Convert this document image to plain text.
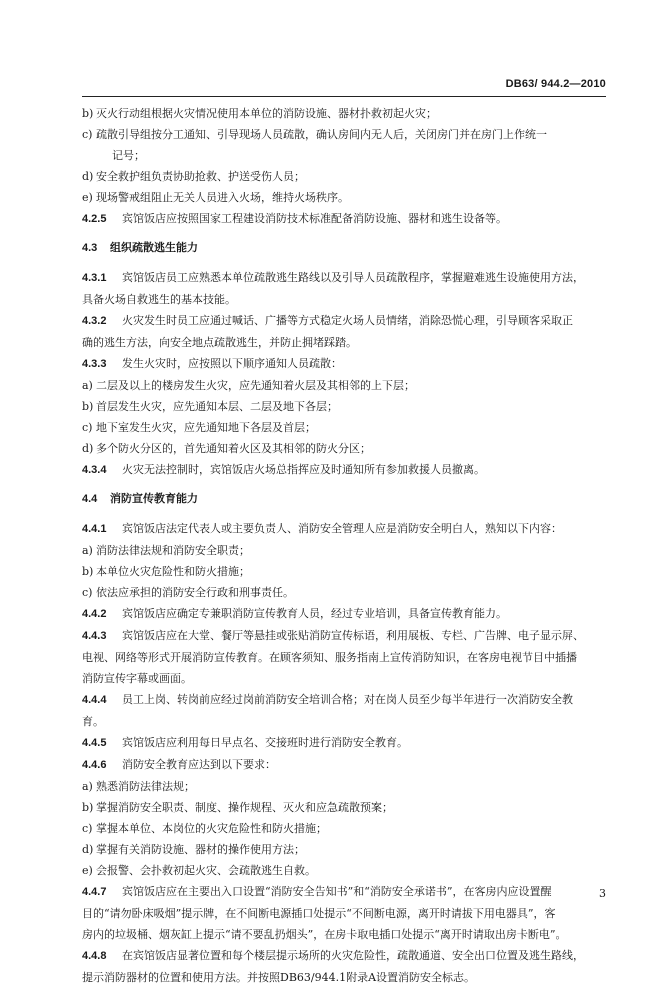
DB63/ 944.2—2010
b) 灭火行动组根据火灾情况使用本单位的消防设施、器材扑救初起火灾；
c) 疏散引导组按分工通知、引导现场人员疏散，确认房间内无人后，关闭房门并在房门上作统一
记号；
d) 安全救护组负责协助抢救、护送受伤人员；
e) 现场警戒组阻止无关人员进入火场，维持火场秩序。
4.2.5 宾馆饭店应按照国家工程建设消防技术标准配备消防设施、器材和逃生设备等。
4.3 组织疏散逃生能力
4.3.1 宾馆饭店员工应熟悉本单位疏散逃生路线以及引导人员疏散程序，掌握避难逃生设施使用方法，
具备火场自救逃生的基本技能。
4.3.2 火灾发生时员工应通过喊话、广播等方式稳定火场人员情绪，消除恐慌心理，引导顾客采取正
确的逃生方法，向安全地点疏散逃生，并防止拥堵踩踏。
4.3.3 发生火灾时，应按照以下顺序通知人员疏散：
a) 二层及以上的楼房发生火灾，应先通知着火层及其相邻的上下层；
b) 首层发生火灾，应先通知本层、二层及地下各层；
c) 地下室发生火灾，应先通知地下各层及首层；
d) 多个防火分区的，首先通知着火区及其相邻的防火分区；
4.3.4 火灾无法控制时，宾馆饭店火场总指挥应及时通知所有参加救援人员撤离。
4.4 消防宣传教育能力
4.4.1 宾馆饭店法定代表人或主要负责人、消防安全管理人应是消防安全明白人，熟知以下内容：
a) 消防法律法规和消防安全职责；
b) 本单位火灾危险性和防火措施；
c) 依法应承担的消防安全行政和刑事责任。
4.4.2 宾馆饭店应确定专兼职消防宣传教育人员，经过专业培训，具备宣传教育能力。
4.4.3 宾馆饭店应在大堂、餐厅等悬挂或张贴消防宣传标语，利用展板、专栏、广告牌、电子显示屏、
电视、网络等形式开展消防宣传教育。在顾客须知、服务指南上宣传消防知识，在客房电视节目中插播
消防宣传字幕或画面。
4.4.4 员工上岗、转岗前应经过岗前消防安全培训合格；对在岗人员至少每半年进行一次消防安全教
育。
4.4.5 宾馆饭店应利用每日早点名、交接班时进行消防安全教育。
4.4.6 消防安全教育应达到以下要求：
a) 熟悉消防法律法规；
b) 掌握消防安全职责、制度、操作规程、灭火和应急疏散预案；
c) 掌握本单位、本岗位的火灾危险性和防火措施；
d) 掌握有关消防设施、器材的操作使用方法；
e) 会报警、会扑救初起火灾、会疏散逃生自救。
4.4.7 宾馆饭店应在主要出入口设置“消防安全告知书”和“消防安全承诺书”，在客房内应设置醒
目的“请勿卧床吸烟”提示牌，在不间断电源插口处提示“不间断电源，离开时请拔下用电器具”，客
房内的垃圾桶、烟灰缸上提示“请不要乱扔烟头”，在房卡取电插口处提示“离开时请取出房卡断电”。
4.4.8 在宾馆饭店显著位置和每个楼层提示场所的火灾危险性，疏散通道、安全出口位置及逃生路线，
提示消防器材的位置和使用方法。并按照DB63/944.1附录A设置消防安全标志。
3
